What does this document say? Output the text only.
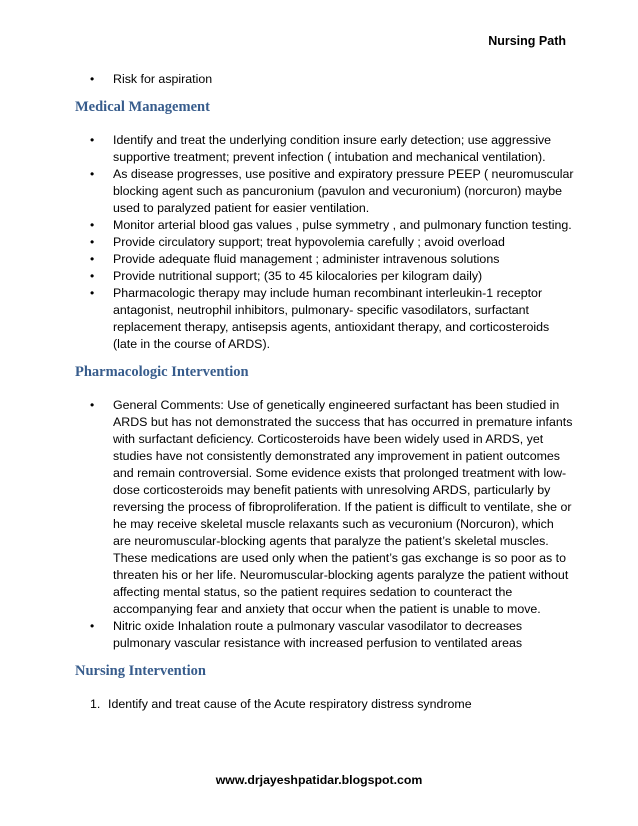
Nursing Path
• Risk for aspiration
Medical Management
• Identify and treat the underlying condition insure early detection; use aggressive supportive treatment; prevent infection ( intubation and mechanical ventilation).
• As disease progresses, use positive and expiratory pressure PEEP ( neuromuscular blocking agent such as pancuronium (pavulon and vecuronium) (norcuron) maybe used to paralyzed patient for easier ventilation.
• Monitor arterial blood gas values , pulse symmetry , and pulmonary function testing.
• Provide circulatory support; treat hypovolemia carefully ; avoid overload
• Provide adequate fluid management ; administer intravenous solutions
• Provide nutritional support; (35 to 45 kilocalories per kilogram daily)
• Pharmacologic therapy may include human recombinant interleukin-1 receptor antagonist, neutrophil inhibitors, pulmonary- specific vasodilators, surfactant replacement therapy, antisepsis agents, antioxidant therapy, and corticosteroids (late in the course of ARDS).
Pharmacologic Intervention
• General Comments: Use of genetically engineered surfactant has been studied in ARDS but has not demonstrated the success that has occurred in premature infants with surfactant deficiency. Corticosteroids have been widely used in ARDS, yet studies have not consistently demonstrated any improvement in patient outcomes and remain controversial. Some evidence exists that prolonged treatment with low-dose corticosteroids may benefit patients with unresolving ARDS, particularly by reversing the process of fibroproliferation. If the patient is difficult to ventilate, she or he may receive skeletal muscle relaxants such as vecuronium (Norcuron), which are neuromuscular-blocking agents that paralyze the patient’s skeletal muscles. These medications are used only when the patient’s gas exchange is so poor as to threaten his or her life. Neuromuscular-blocking agents paralyze the patient without affecting mental status, so the patient requires sedation to counteract the accompanying fear and anxiety that occur when the patient is unable to move.
• Nitric oxide Inhalation route a pulmonary vascular vasodilator to decreases pulmonary vascular resistance with increased perfusion to ventilated areas
Nursing Intervention
1. Identify and treat cause of the Acute respiratory distress syndrome
www.drjayeshpatidar.blogspot.com
